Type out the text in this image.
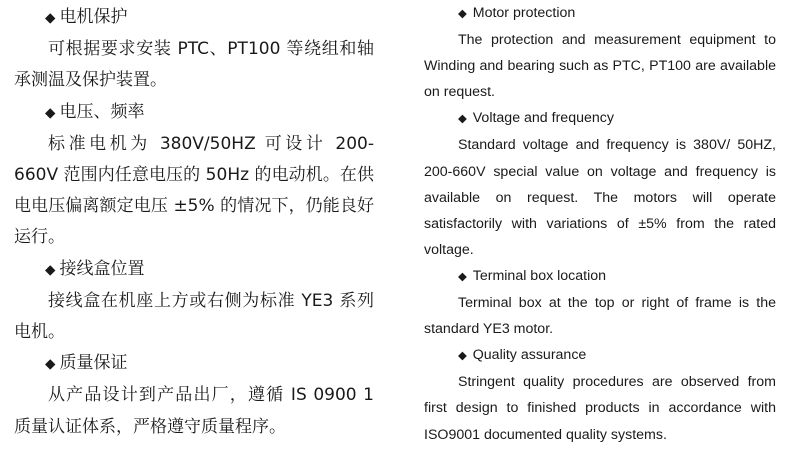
◆ 电机保护
可根据要求安装 PTC、PT100 等绕组和轴承测温及保护装置。
◆ 电压、频率
标准电机为 380V/50HZ 可设计 200-660V 范围内任意电压的 50Hz 的电动机。在供电电压偏离额定电压 ±5% 的情况下，仍能良好运行。
◆ 接线盒位置
接线盒在机座上方或右侧为标准 YE3 系列电机。
◆ 质量保证
从产品设计到产品出厂，遵循 IS 0900 1 质量认证体系，严格遵守质量程序。
◆ Motor protection
The protection and measurement equipment to Winding and bearing such as PTC, PT100 are available on request.
◆ Voltage and frequency
Standard voltage and frequency is 380V/ 50HZ, 200-660V special value on voltage and frequency is available on request. The motors will operate satisfactorily with variations of ±5% from the rated voltage.
◆ Terminal box location
Terminal box at the top or right of frame is the standard YE3 motor.
◆ Quality assurance
Stringent quality procedures are observed from first design to finished products in accordance with ISO9001 documented quality systems.
